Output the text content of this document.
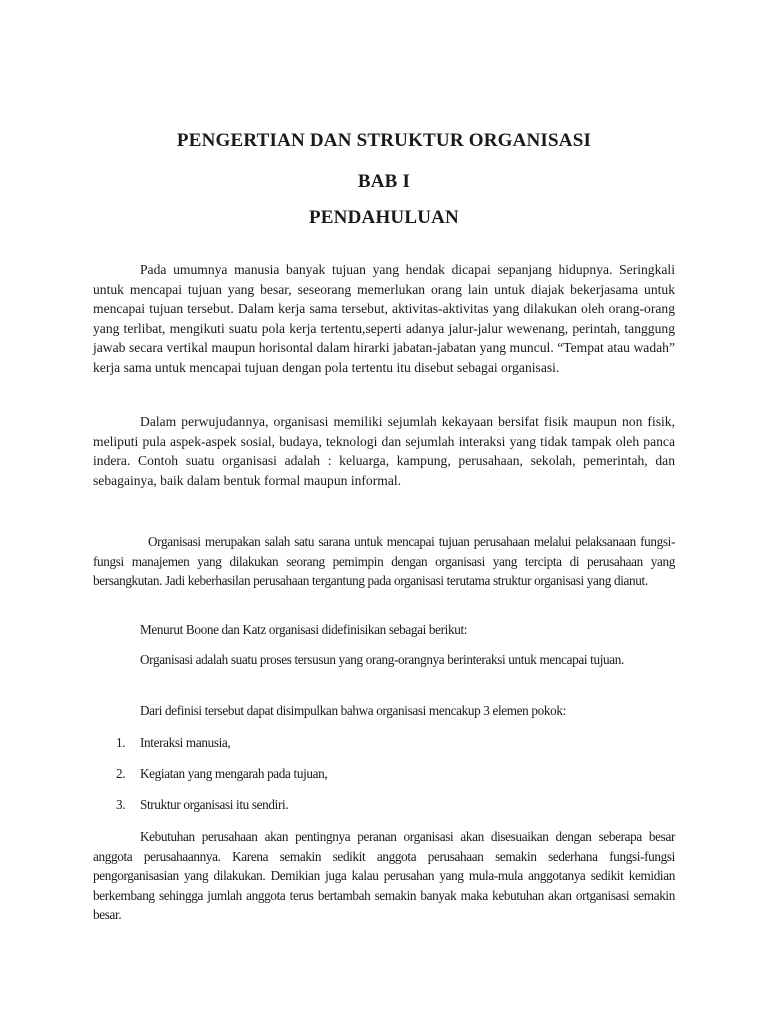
PENGERTIAN DAN STRUKTUR ORGANISASI
BAB I
PENDAHULUAN

Pada umumnya manusia banyak tujuan yang hendak dicapai sepanjang hidupnya. Seringkali untuk mencapai tujuan yang besar, seseorang memerlukan orang lain untuk diajak bekerjasama untuk mencapai tujuan tersebut. Dalam kerja sama tersebut, aktivitas-aktivitas yang dilakukan oleh orang-orang yang terlibat, mengikuti suatu pola kerja tertentu,seperti adanya jalur-jalur wewenang, perintah, tanggung jawab secara vertikal maupun horisontal dalam hirarki jabatan-jabatan yang muncul. “Tempat atau wadah” kerja sama untuk mencapai tujuan dengan pola tertentu itu disebut sebagai organisasi.

Dalam perwujudannya, organisasi memiliki sejumlah kekayaan bersifat fisik maupun non fisik, meliputi pula aspek-aspek sosial, budaya, teknologi dan sejumlah interaksi yang tidak tampak oleh panca indera. Contoh suatu organisasi adalah : keluarga, kampung, perusahaan, sekolah, pemerintah, dan sebagainya, baik dalam bentuk formal maupun informal.

Organisasi merupakan salah satu sarana untuk mencapai tujuan perusahaan melalui pelaksanaan fungsi-fungsi manajemen yang dilakukan seorang pemimpin dengan organisasi yang tercipta di perusahaan yang bersangkutan. Jadi keberhasilan perusahaan tergantung pada organisasi terutama struktur organisasi yang dianut.

Menurut Boone dan Katz organisasi didefinisikan sebagai berikut:

Organisasi adalah suatu proses tersusun yang orang-orangnya berinteraksi untuk mencapai tujuan.

Dari definisi tersebut dapat disimpulkan bahwa organisasi mencakup 3 elemen pokok:

1. Interaksi manusia,
2. Kegiatan yang mengarah pada tujuan,
3. Struktur organisasi itu sendiri.

Kebutuhan perusahaan akan pentingnya peranan organisasi akan disesuaikan dengan seberapa besar anggota perusahaannya. Karena semakin sedikit anggota perusahaan semakin sederhana fungsi-fungsi pengorganisasian yang dilakukan. Demikian juga kalau perusahan yang mula-mula anggotanya sedikit kemidian berkembang sehingga jumlah anggota terus bertambah semakin banyak maka kebutuhan akan ortganisasi semakin besar.
